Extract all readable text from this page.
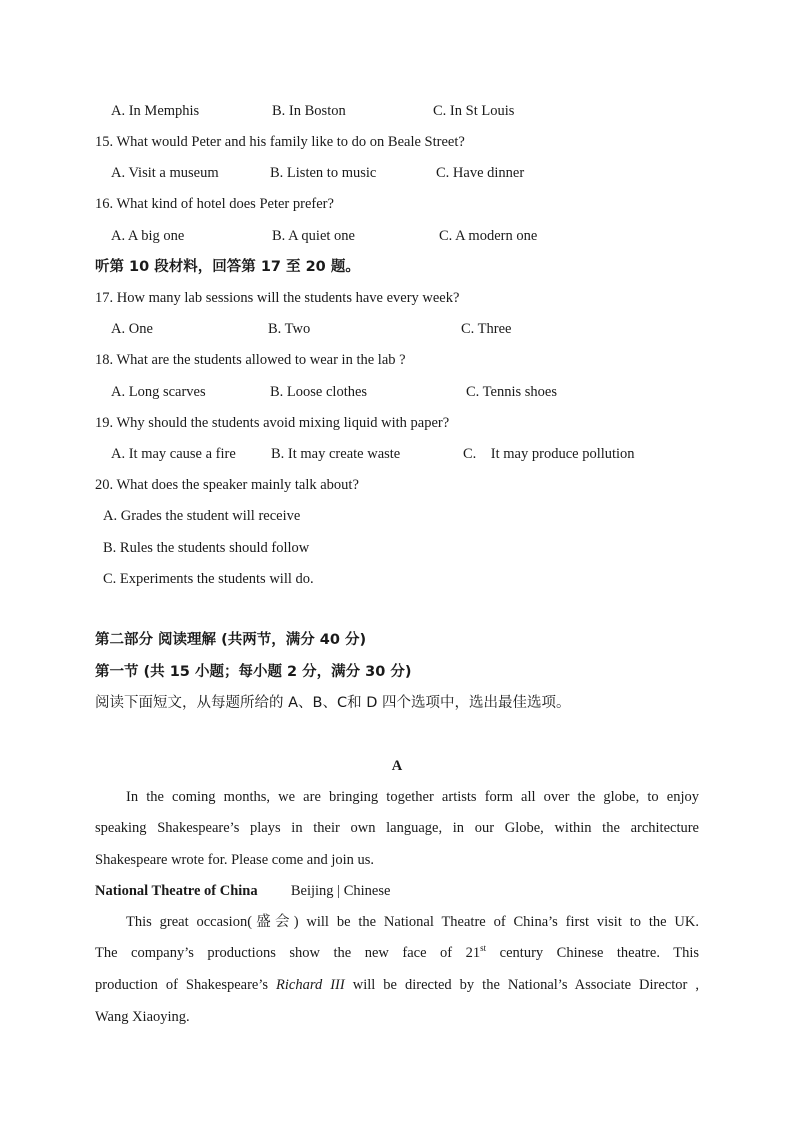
A. In Memphis	B. In Boston	C. In St Louis
15. What would Peter and his family like to do on Beale Street?
A. Visit a museum	B. Listen to music	C. Have dinner
16. What kind of hotel does Peter prefer?
A. A big one	B. A quiet one	C. A modern one
听第 10 段材料，回答第 17 至 20 题。
17. How many lab sessions will the students have every week?
A. One	B. Two	C. Three
18. What are the students allowed to wear in the lab ?
A. Long scarves	B. Loose clothes	C. Tennis shoes
19. Why should the students avoid mixing liquid with paper?
A. It may cause a fire B. It may create waste	C.    It may produce pollution
20. What does the speaker mainly talk about?
A. Grades the student will receive
B. Rules the students should follow
C. Experiments the students will do.
第二部分 阅读理解 (共两节，满分 40 分)
第一节 (共 15 小题；每小题 2 分，满分 30 分)
阅读下面短文，从每题所给的 A、B、C和 D 四个选项中，选出最佳选项。
A
In the coming months, we are bringing together artists form all over the globe, to enjoy
speaking Shakespeare’s plays in their own language, in our Globe, within the architecture
Shakespeare wrote for. Please come and join us.
National Theatre of China Beijing | Chinese
This great occasion(盛会) will be the National Theatre of China’s first visit to the UK.
The company’s productions show the new face of 21st century Chinese theatre. This
production of Shakespeare’s Richard III will be directed by the National’s Associate Director ,
Wang Xiaoying.
